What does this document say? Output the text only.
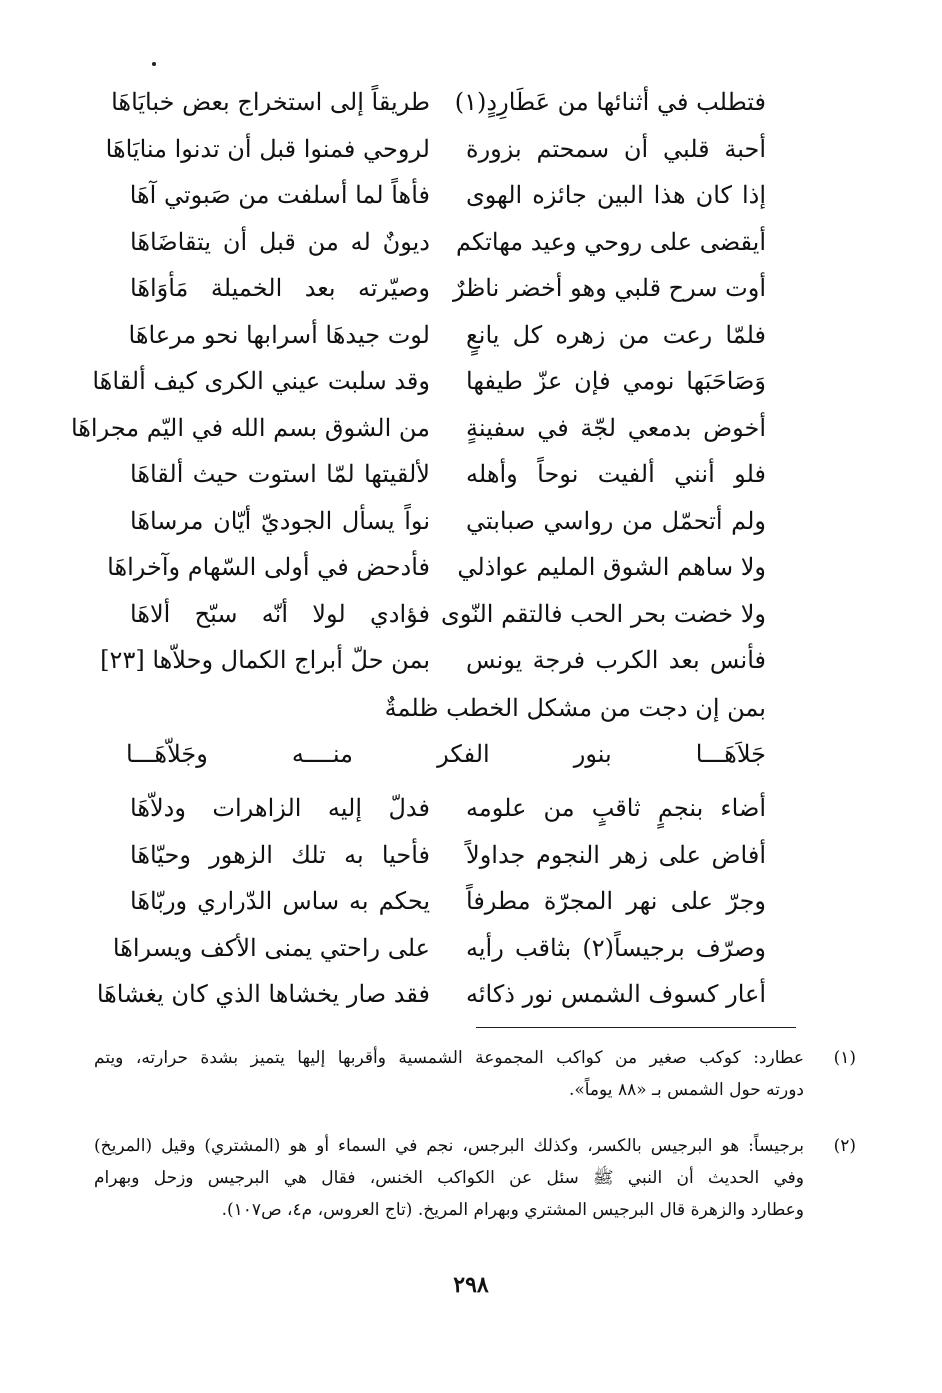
فتطلب في أثنائها من عَطَارِدٍ(١)
طريقاً إلى استخراج بعض خبايَاهَا
أحبة قلبي أن سمحتم بزورة
لروحي فمنوا قبل أن تدنوا منايَاهَا
إذا كان هذا البين جائزه الهوى
فأهاً لما أسلفت من صَبوتي آهَا
أيقضى على روحي وعيد مهاتكم
ديونٌ له من قبل أن يتقاضَاهَا
أوت سرح قلبي وهو أخضر ناظرٌ
وصيّرته بعد الخميلة مَأوَاهَا
فلمّا رعت من زهره كل يانعٍ
لوت جيدهَا أسرابها نحو مرعاهَا
وَصَاحَبَها نومي فإن عزّ طيفها
وقد سلبت عيني الكرى كيف ألقاهَا
أخوض بدمعي لجّة في سفينةٍ
من الشوق بسم الله في اليّم مجراهَا
فلو أنني ألفيت نوحاً وأهله
لألقيتها لمّا استوت حيث ألقاهَا
ولم أتحمّل من رواسي صبابتي
نواً يسأل الجوديّ أيّان مرساهَا
ولا ساهم الشوق المليم عواذلي
فأدحض في أولى السّهام وآخراهَا
ولا خضت بحر الحب فالتقم النّوى
فؤادي لولا أنّه سبّح ألاهَا
فأنس بعد الكرب فرجة يونس
بمن حلّ أبراج الكمال وحلاّها [٢٣]
بمن إن دجت من مشكل الخطب ظلمةٌ
جَلاَهَـــا بنور الفكر منــــه وجَلاّهَـــا
أضاء بنجمٍ ثاقبٍ من علومه
فدلّ إليه الزاهرات ودلاّهَا
أفاض على زهر النجوم جداولاً
فأحيا به تلك الزهور وحيّاهَا
وجرّ على نهر المجرّة مطرفاً
يحكم به ساس الدّراري وربّاهَا
وصرّف برجيساً(٢) بثاقب رأيه
على راحتي يمنى الأكف ويسراهَا
أعار كسوف الشمس نور ذكائه
فقد صار يخشاها الذي كان يغشاهَا
(١)
عطارد: كوكب صغير من كواكب المجموعة الشمسية وأقربها إليها يتميز بشدة حرارته، ويتم
دورته حول الشمس بـ «٨٨ يوماً».
(٢)
برجيساً: هو البرجيس بالكسر، وكذلك البرجس، نجم في السماء أو هو (المشتري) وقيل (المريخ)
وفي الحديث أن النبي ﷺ سئل عن الكواكب الخنس، فقال هي البرجيس وزحل وبهرام
وعطارد والزهرة قال البرجيس المشتري وبهرام المريخ. (تاج العروس، م٤، ص١٠٧).
٢٩٨
